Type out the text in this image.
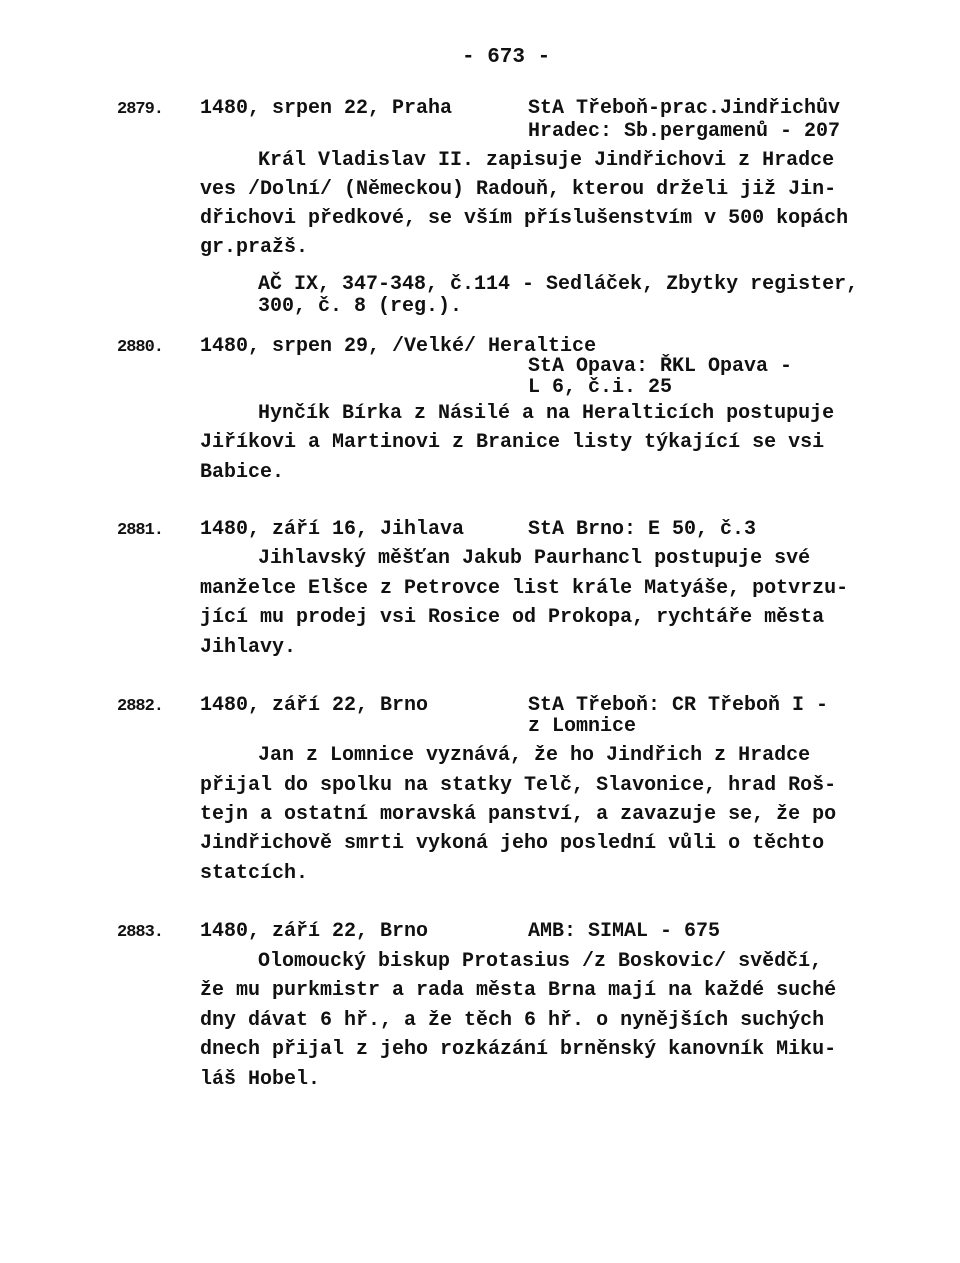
- 673 -
2879. 1480, srpen 22, Praha	StA Třeboň-prac.Jindřichův
Hradec: Sb.pergamenů - 207
Král Vladislav II. zapisuje Jindřichovi z Hradce
ves /Dolní/ (Německou) Radouň, kterou drželi již Jin-
dřichovi předkové, se vším příslušenstvím v 500 kopách
gr.pražš.
AČ IX, 347-348, č.114 - Sedláček, Zbytky register,
300, č. 8 (reg.).
2880. 1480, srpen 29, /Velké/ Heraltice
StA Opava: ŘKL Opava -
L 6, č.i. 25
Hynčík Bírka z Násilé a na Heralticích postupuje
Jiříkovi a Martinovi z Branice listy týkající se vsi
Babice.
2881. 1480, září 16, Jihlava	StA Brno: E 50, č.3
Jihlavský měšťan Jakub Paurhancl postupuje své
manželce Elšce z Petrovce list krále Matyáše, potvrzu-
jící mu prodej vsi Rosice od Prokopa, rychtáře města
Jihlavy.
2882. 1480, září 22, Brno	StA Třeboň: CR Třeboň I -
z Lomnice
Jan z Lomnice vyznává, že ho Jindřich z Hradce
přijal do spolku na statky Telč, Slavonice, hrad Roš-
tejn a ostatní moravská panství, a zavazuje se, že po
Jindřichově smrti vykoná jeho poslední vůli o těchto
statcích.
2883. 1480, září 22, Brno	AMB: SIMAL - 675
Olomoucký biskup Protasius /z Boskovic/ svědčí,
že mu purkmistr a rada města Brna mají na každé suché
dny dávat 6 hř., a že těch 6 hř. o nynějších suchých
dnech přijal z jeho rozkázání brněnský kanovník Miku-
láš Hobel.
